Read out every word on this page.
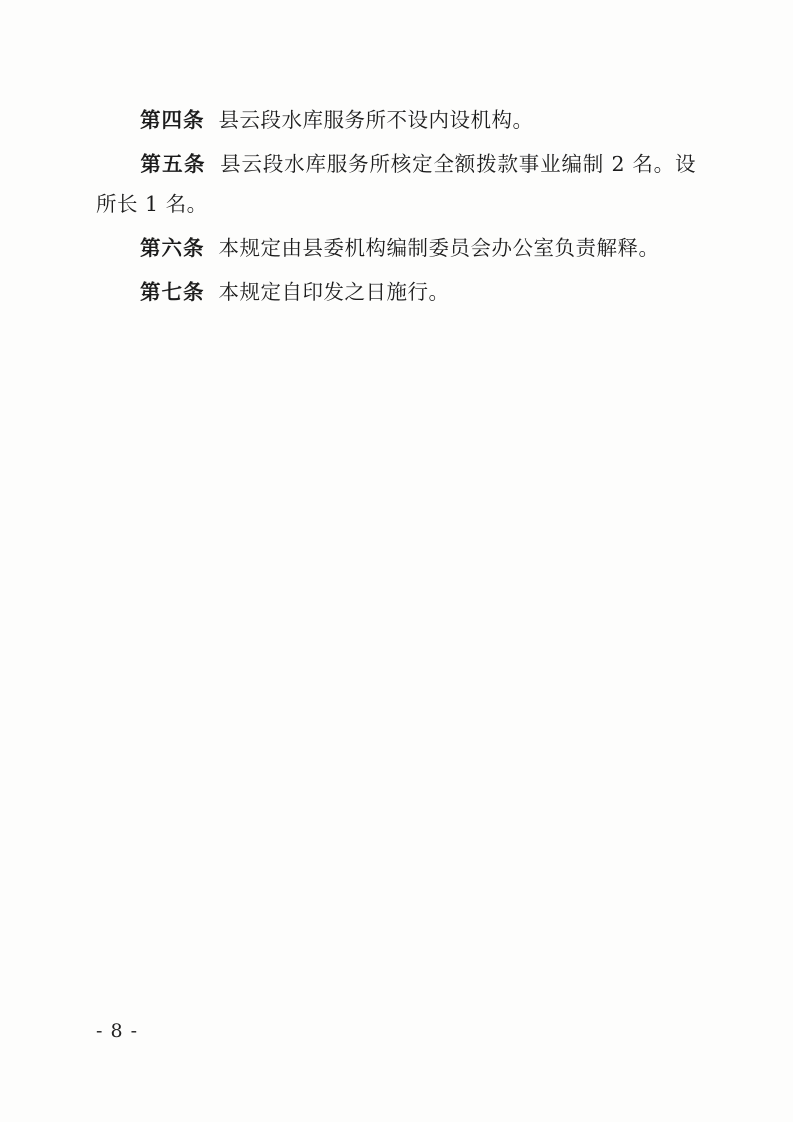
第四条 县云段水库服务所不设内设机构。

第五条 县云段水库服务所核定全额拨款事业编制 2 名。设所长 1 名。

第六条 本规定由县委机构编制委员会办公室负责解释。

第七条 本规定自印发之日施行。

- 8 -
